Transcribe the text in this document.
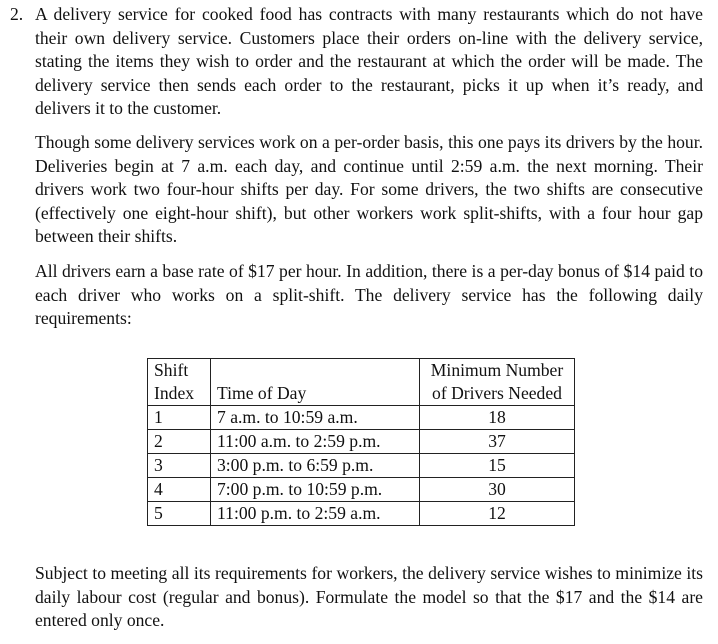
2. A delivery service for cooked food has contracts with many restaurants which do not have their own delivery service. Customers place their orders on-line with the delivery service, stating the items they wish to order and the restaurant at which the order will be made. The delivery service then sends each order to the restaurant, picks it up when it’s ready, and delivers it to the customer.
Though some delivery services work on a per-order basis, this one pays its drivers by the hour. Deliveries begin at 7 a.m. each day, and continue until 2:59 a.m. the next morning. Their drivers work two four-hour shifts per day. For some drivers, the two shifts are consecutive (effectively one eight-hour shift), but other workers work split-shifts, with a four hour gap between their shifts.
All drivers earn a base rate of $17 per hour. In addition, there is a per-day bonus of $14 paid to each driver who works on a split-shift. The delivery service has the following daily requirements:
Shift		Minimum Number
Index	Time of Day	of Drivers Needed
1	7 a.m. to 10:59 a.m.	18
2	11:00 a.m. to 2:59 p.m.	37
3	3:00 p.m. to 6:59 p.m.	15
4	7:00 p.m. to 10:59 p.m.	30
5	11:00 p.m. to 2:59 a.m.	12
Subject to meeting all its requirements for workers, the delivery service wishes to minimize its daily labour cost (regular and bonus). Formulate the model so that the $17 and the $14 are entered only once.
